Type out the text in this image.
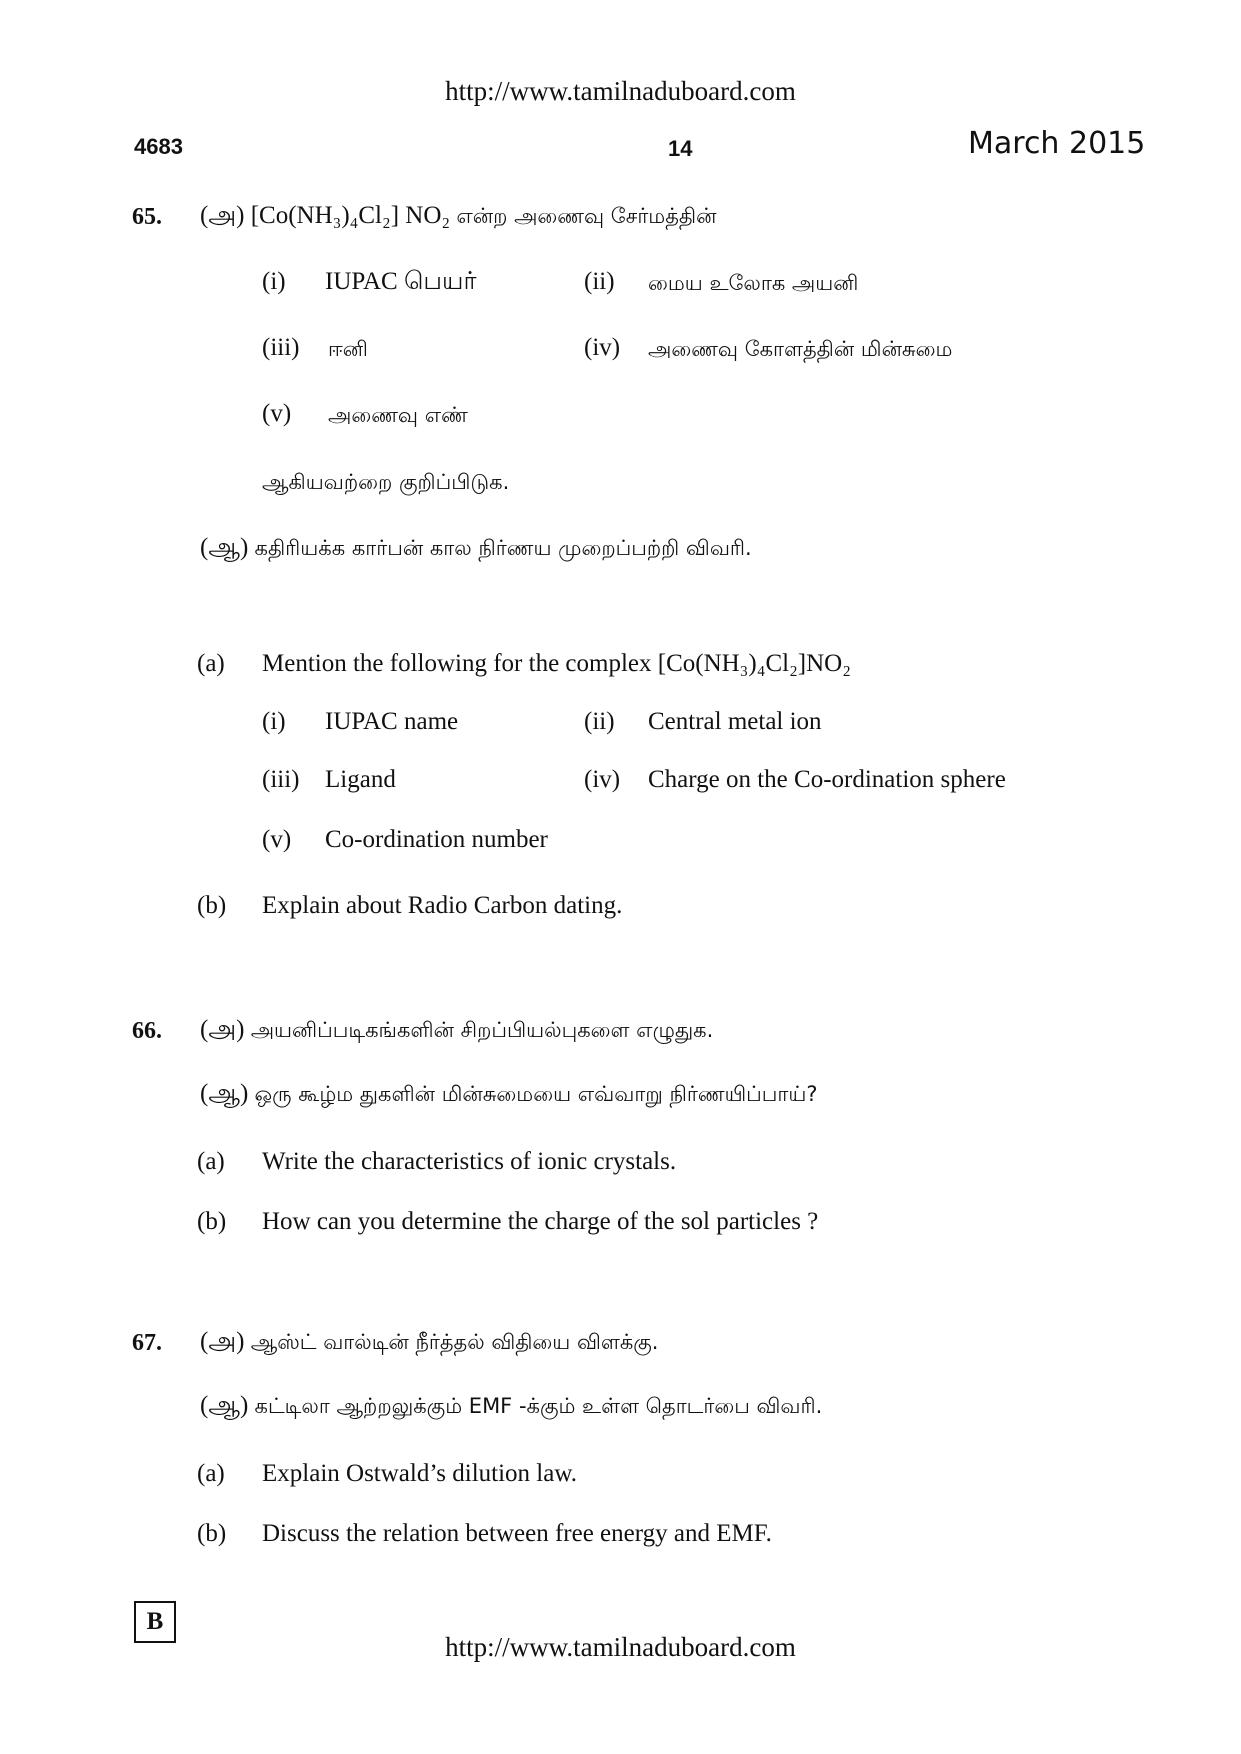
http://www.tamilnaduboard.com
4683	14	March 2015
65. (அ) [Co(NH₃)₄Cl₂] NO₂ என்ற அணைவு சேர்மத்தின்
(i) IUPAC பெயர்	(ii) மைய உலோக அயனி
(iii) ஈனி	(iv) அணைவு கோளத்தின் மின்சுமை
(v) அணைவு எண்
ஆகியவற்றை குறிப்பிடுக.
(ஆ) கதிரியக்க கார்பன் கால நிர்ணய முறைப்பற்றி விவரி.
(a) Mention the following for the complex [Co(NH₃)₄Cl₂]NO₂
(i) IUPAC name	(ii) Central metal ion
(iii) Ligand	(iv) Charge on the Co-ordination sphere
(v) Co-ordination number
(b) Explain about Radio Carbon dating.
66. (அ) அயனிப்படிகங்களின் சிறப்பியல்புகளை எழுதுக.
(ஆ) ஒரு கூழ்ம துகளின் மின்சுமையை எவ்வாறு நிர்ணயிப்பாய்?
(a) Write the characteristics of ionic crystals.
(b) How can you determine the charge of the sol particles ?
67. (அ) ஆஸ்ட் வால்டின் நீர்த்தல் விதியை விளக்கு.
(ஆ) கட்டிலா ஆற்றலுக்கும் EMF -க்கும் உள்ள தொடர்பை விவரி.
(a) Explain Ostwald’s dilution law.
(b) Discuss the relation between free energy and EMF.
B
http://www.tamilnaduboard.com
